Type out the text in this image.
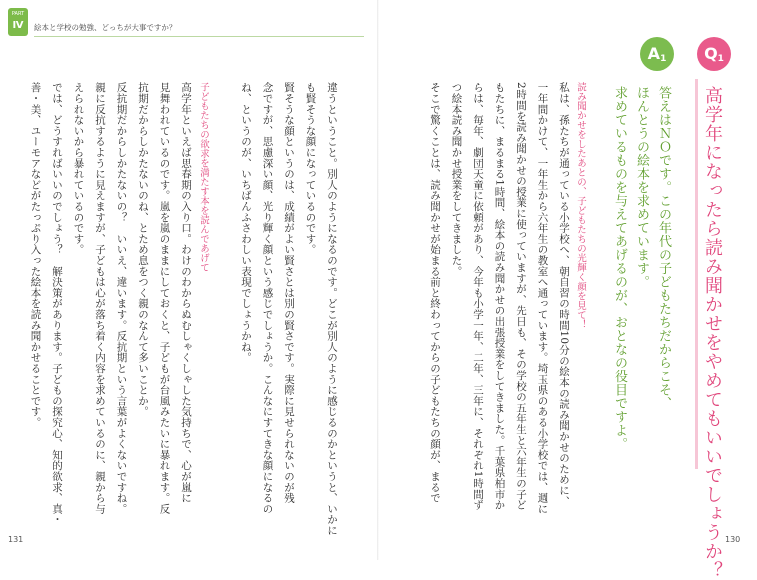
PART
Ⅳ	絵本と学校の勉強、どっちが大事ですか？
$Q_1$

高学年になったら読み聞かせをやめてもいいでしょうか？

$A_1$

答えはＮＯです。この年代の子どもたちだからこそ、

ほんとうの絵本を求めています。

求めているものを与えてあげるのが、おとなの役目ですよ。

読み聞かせをしたあとの、子どもたちの光輝く顔を見て！

私は、孫たちが通っている小学校へ、朝自習の時間10分の絵本の読み聞かせのために、

一年間かけて、一年生から六年生の教室へ通っています。埼玉県のある小学校では、週に

2時間を読み聞かせの授業に使っていますが、先日も、その学校の五年生と六年生の子ど

もたちに、まるまる1時間、絵本の読み聞かせの出張授業をしてきました。千葉県柏市か

らは、毎年、劇団天童に依頼があり、今年も小学一年、二年、三年に、それぞれ1時間ず

つ絵本読み聞かせ授業をしてきました。

そこで驚くことは、読み聞かせが始まる前と終わってからの子どもたちの顔が、まるで

違うということ。別人のようになるのです。どこが別人のように感じるのかというと、いかに

も賢そうな顔になっているのです。

賢そうな顔というのは、成績がよい賢さとは別の賢さです。実際に見せられないのが残

念ですが、思慮深い顔、光り輝く顔という感じでしょうか。こんなにすてきな顔になるの

ね、というのが、いちばんふさわしい表現でしょうかね。

子どもたちの欲求を満たす本を読んであげて

高学年といえば思春期の入り口。わけのわからぬむしゃくしゃした気持ちで、心が嵐に

見舞われているのです。嵐を嵐のままにしておくと、子どもが台風みたいに暴れます。反

抗期だからしかたないのね、とため息をつく親のなんて多いことか。

反抗期だからしかたないの？　いいえ、違います。反抗期という言葉がよくないですね。

親に反抗するように見えますが、子どもは心が落ち着く内容を求めているのに、親から与

えられないから暴れているのです。

では、どうすればいいのでしょう？　解決策があります。子どもの探究心、知的欲求、真・

善・美、ユーモアなどがたっぷり入った絵本を読み聞かせることです。

131	130
